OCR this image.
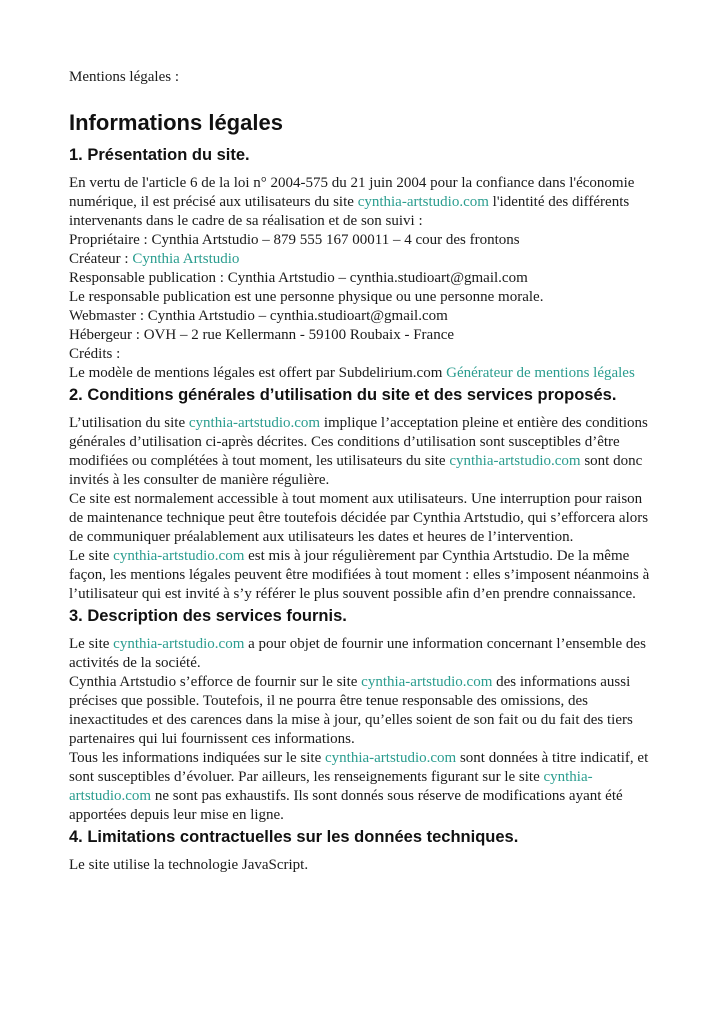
Mentions légales :

Informations légales
1. Présentation du site.

En vertu de l'article 6 de la loi n° 2004-575 du 21 juin 2004 pour la confiance dans l'économie numérique, il est précisé aux utilisateurs du site cynthia-artstudio.com l'identité des différents intervenants dans le cadre de sa réalisation et de son suivi :

Propriétaire : Cynthia Artstudio – 879 555 167 00011 – 4 cour des frontons

Créateur : Cynthia Artstudio

Responsable publication : Cynthia Artstudio – cynthia.studioart@gmail.com

Le responsable publication est une personne physique ou une personne morale.

Webmaster : Cynthia Artstudio – cynthia.studioart@gmail.com

Hébergeur : OVH – 2 rue Kellermann - 59100 Roubaix - France

Crédits :

Le modèle de mentions légales est offert par Subdelirium.com Générateur de mentions légales

2. Conditions générales d’utilisation du site et des services proposés.

L’utilisation du site cynthia-artstudio.com implique l’acceptation pleine et entière des conditions générales d’utilisation ci-après décrites. Ces conditions d’utilisation sont susceptibles d’être modifiées ou complétées à tout moment, les utilisateurs du site cynthia-artstudio.com sont donc invités à les consulter de manière régulière.

Ce site est normalement accessible à tout moment aux utilisateurs. Une interruption pour raison de maintenance technique peut être toutefois décidée par Cynthia Artstudio, qui s’efforcera alors de communiquer préalablement aux utilisateurs les dates et heures de l’intervention.

Le site cynthia-artstudio.com est mis à jour régulièrement par Cynthia Artstudio. De la même façon, les mentions légales peuvent être modifiées à tout moment : elles s’imposent néanmoins à l’utilisateur qui est invité à s’y référer le plus souvent possible afin d’en prendre connaissance.

3. Description des services fournis.

Le site cynthia-artstudio.com a pour objet de fournir une information concernant l’ensemble des activités de la société.

Cynthia Artstudio s’efforce de fournir sur le site cynthia-artstudio.com des informations aussi précises que possible. Toutefois, il ne pourra être tenue responsable des omissions, des inexactitudes et des carences dans la mise à jour, qu’elles soient de son fait ou du fait des tiers partenaires qui lui fournissent ces informations.

Tous les informations indiquées sur le site cynthia-artstudio.com sont données à titre indicatif, et sont susceptibles d’évoluer. Par ailleurs, les renseignements figurant sur le site cynthia-artstudio.com ne sont pas exhaustifs. Ils sont donnés sous réserve de modifications ayant été apportées depuis leur mise en ligne.

4. Limitations contractuelles sur les données techniques.

Le site utilise la technologie JavaScript.
